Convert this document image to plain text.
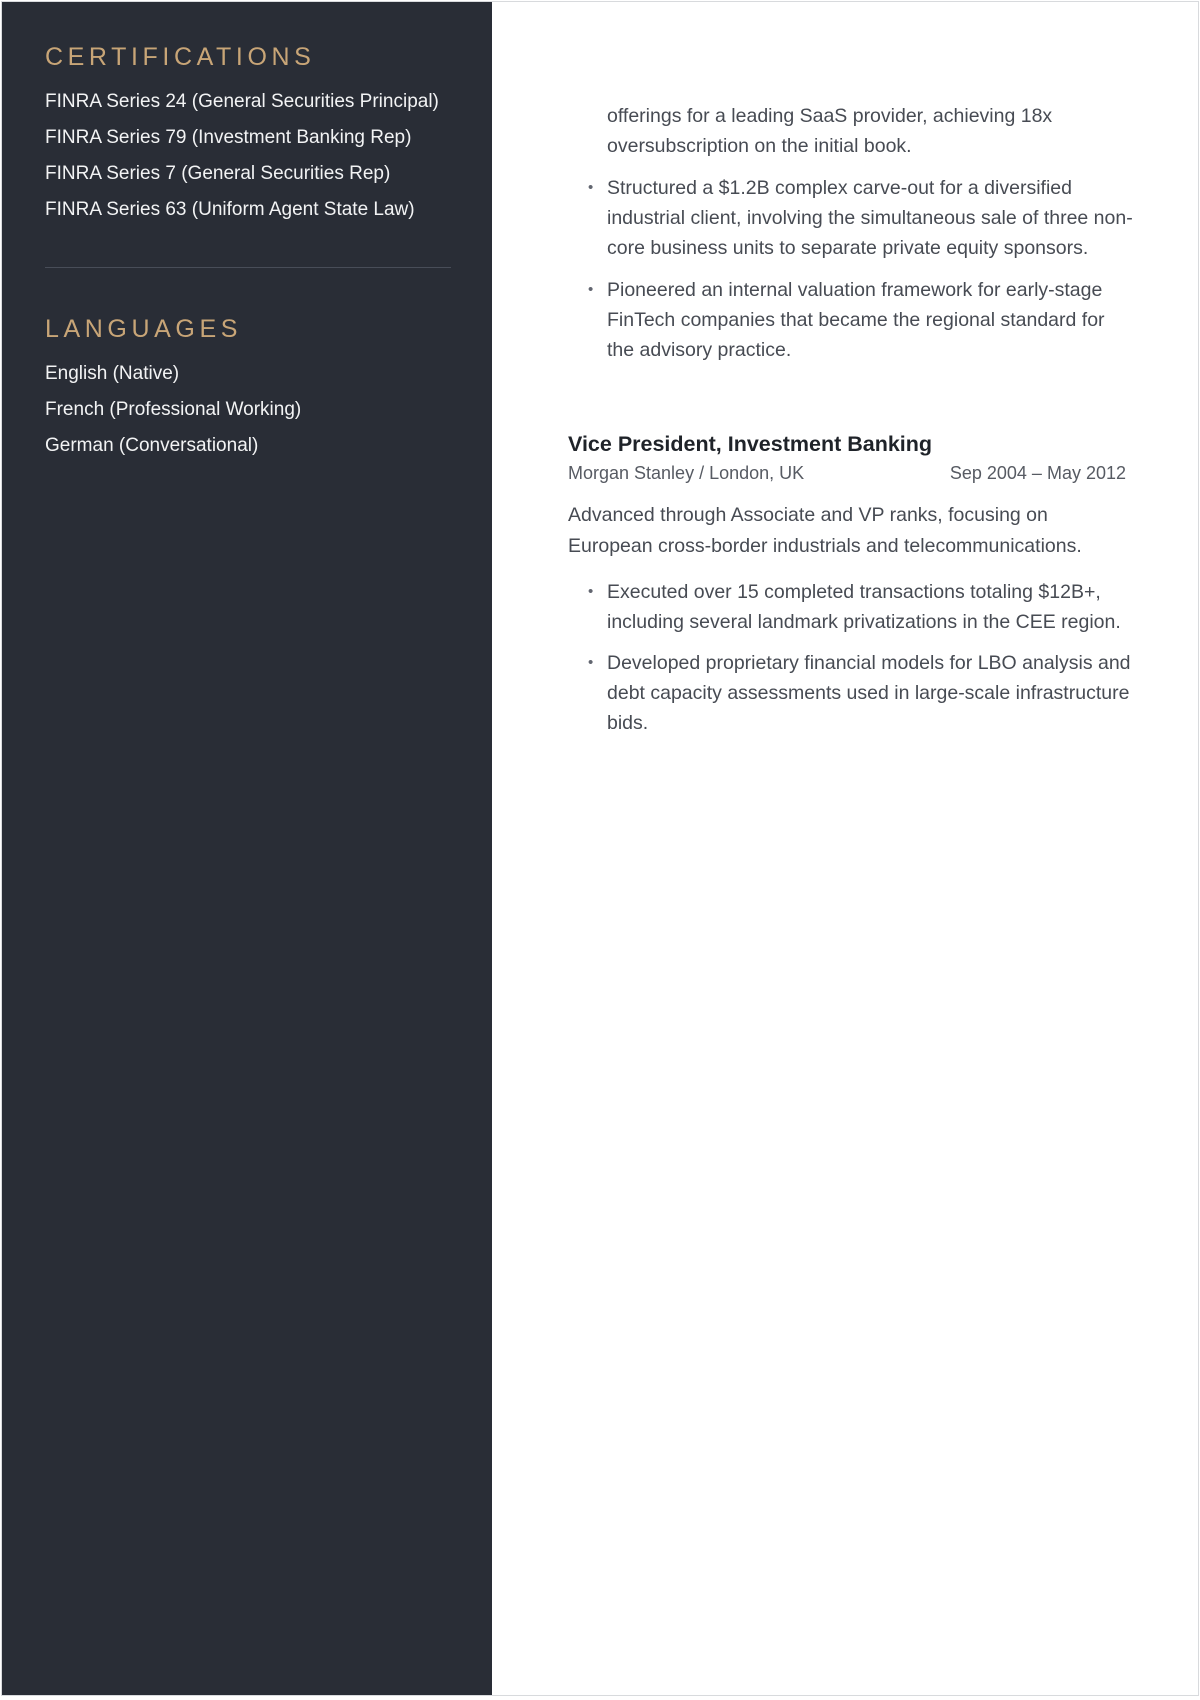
CERTIFICATIONS
FINRA Series 24 (General Securities Principal)
FINRA Series 79 (Investment Banking Rep)
FINRA Series 7 (General Securities Rep)
FINRA Series 63 (Uniform Agent State Law)
LANGUAGES
English (Native)
French (Professional Working)
German (Conversational)

offerings for a leading SaaS provider, achieving 18x oversubscription on the initial book.

• Structured a $1.2B complex carve-out for a diversified industrial client, involving the simultaneous sale of three non-core business units to separate private equity sponsors.
• Pioneered an internal valuation framework for early-stage FinTech companies that became the regional standard for the advisory practice.
Vice President, Investment Banking
Morgan Stanley / London, UK	Sep 2004 – May 2012

Advanced through Associate and VP ranks, focusing on European cross-border industrials and telecommunications.

• Executed over 15 completed transactions totaling $12B+, including several landmark privatizations in the CEE region.
• Developed proprietary financial models for LBO analysis and debt capacity assessments used in large-scale infrastructure bids.
